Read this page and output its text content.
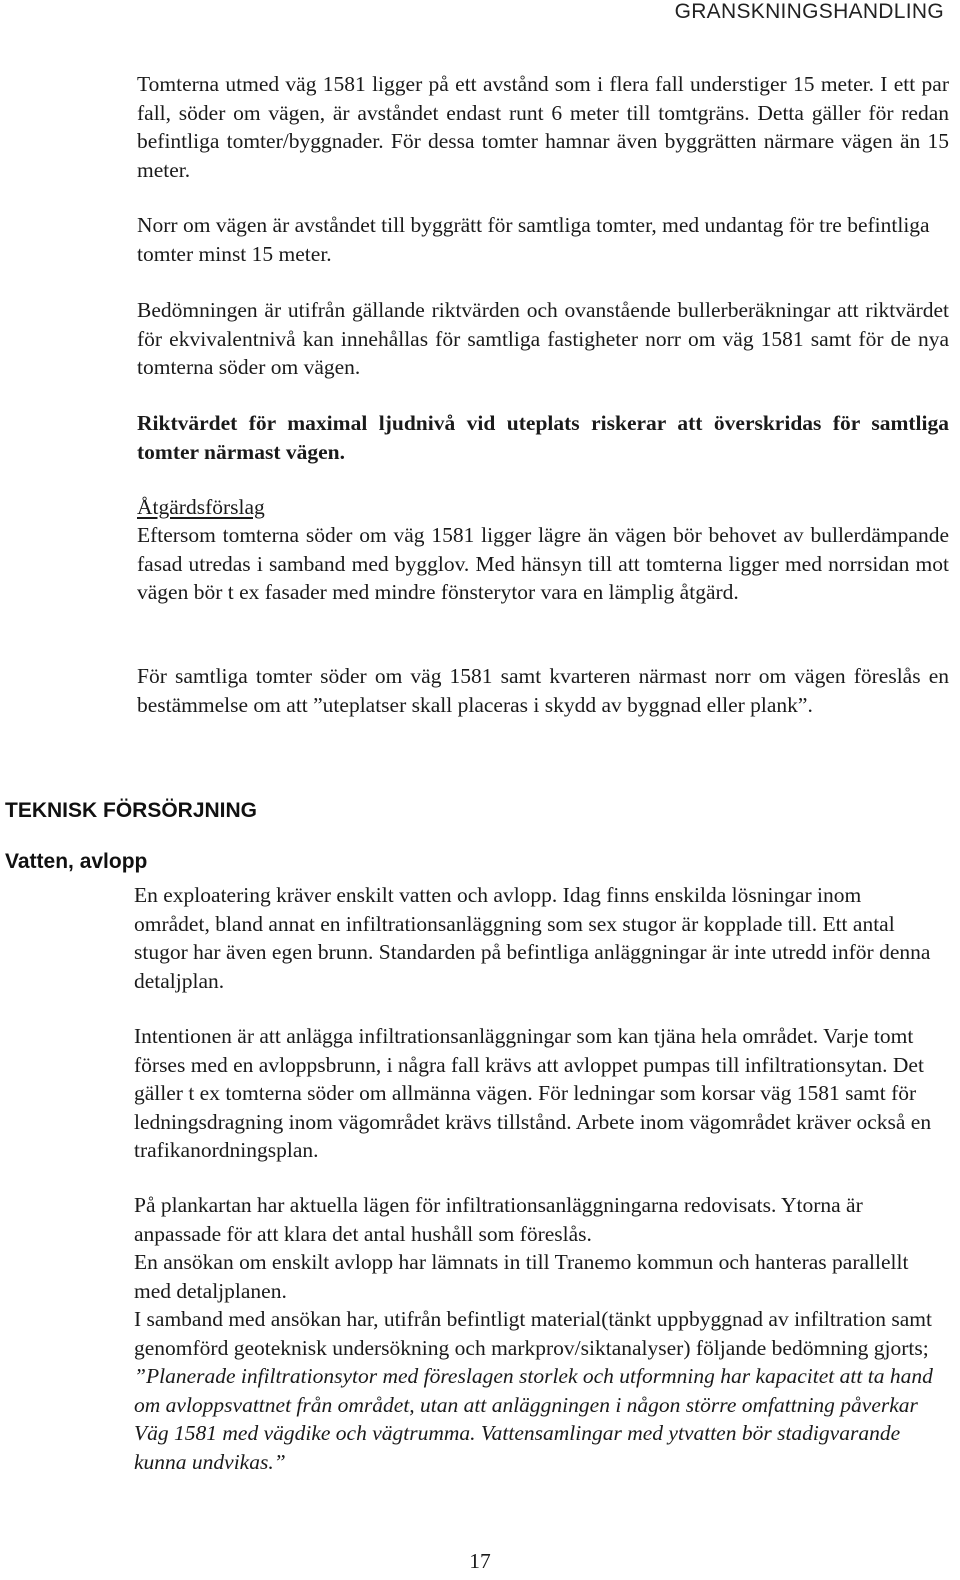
GRANSKNINGSHANDLING

Tomterna utmed väg 1581 ligger på ett avstånd som i flera fall understiger 15 meter. I ett par fall, söder om vägen, är avståndet endast runt 6 meter till tomtgräns. Detta gäller för redan befintliga tomter/byggnader. För dessa tomter hamnar även byggrätten närmare vägen än 15 meter.

Norr om vägen är avståndet till byggrätt för samtliga tomter, med undantag för tre befintliga tomter minst 15 meter.

Bedömningen är utifrån gällande riktvärden och ovanstående bullerberäkningar att riktvärdet för ekvivalentnivå kan innehållas för samtliga fastigheter norr om väg 1581 samt för de nya tomterna söder om vägen.

Riktvärdet för maximal ljudnivå vid uteplats riskerar att överskridas för samtliga tomter närmast vägen.

Åtgärdsförslag

Eftersom tomterna söder om väg 1581 ligger lägre än vägen bör behovet av bullerdämpande fasad utredas i samband med bygglov. Med hänsyn till att tomterna ligger med norrsidan mot vägen bör t ex fasader med mindre fönsterytor vara en lämplig åtgärd.

För samtliga tomter söder om väg 1581 samt kvarteren närmast norr om vägen föreslås en bestämmelse om att ”uteplatser skall placeras i skydd av byggnad eller plank”.

TEKNISK FÖRSÖRJNING
Vatten, avlopp

En exploatering kräver enskilt vatten och avlopp. Idag finns enskilda lösningar inom området, bland annat en infiltrationsanläggning som sex stugor är kopplade till. Ett antal stugor har även egen brunn. Standarden på befintliga anläggningar är inte utredd inför denna detaljplan.

Intentionen är att anlägga infiltrationsanläggningar som kan tjäna hela området. Varje tomt förses med en avloppsbrunn, i några fall krävs att avloppet pumpas till infiltrationsytan. Det gäller t ex tomterna söder om allmänna vägen. För ledningar som korsar väg 1581 samt för ledningsdragning inom vägområdet krävs tillstånd. Arbete inom vägområdet kräver också en trafikanordningsplan.

På plankartan har aktuella lägen för infiltrationsanläggningarna redovisats. Ytorna är anpassade för att klara det antal hushåll som föreslås.
En ansökan om enskilt avlopp har lämnats in till Tranemo kommun och hanteras parallellt med detaljplanen.
I samband med ansökan har, utifrån befintligt material(tänkt uppbyggnad av infiltration samt genomförd geoteknisk undersökning och markprov/siktanalyser) följande bedömning gjorts;
”Planerade infiltrationsytor med föreslagen storlek och utformning har kapacitet att ta hand om avloppsvattnet från området, utan att anläggningen i någon större omfattning påverkar Väg 1581 med vägdike och vägtrumma. Vattensamlingar med ytvatten bör stadigvarande kunna undvikas.”
17
